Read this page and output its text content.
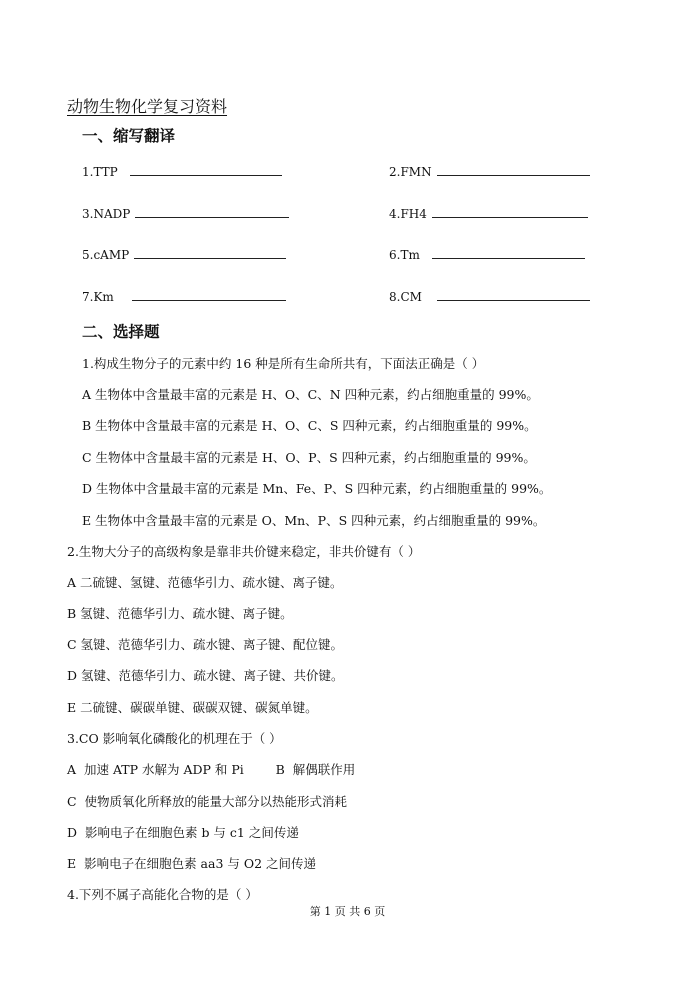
动物生物化学复习资料
一、缩写翻译
1.TTP	2.FMN
3.NADP	4.FH4
5.cAMP	6.Tm
7.Km	8.CM
二、选择题
1.构成生物分子的元素中约 16 种是所有生命所共有，下面法正确是（ ）
A 生物体中含量最丰富的元素是 H、O、C、N 四种元素，约占细胞重量的 99%。
B 生物体中含量最丰富的元素是 H、O、C、S 四种元素，约占细胞重量的 99%。
C 生物体中含量最丰富的元素是 H、O、P、S 四种元素，约占细胞重量的 99%。
D 生物体中含量最丰富的元素是 Mn、Fe、P、S 四种元素，约占细胞重量的 99%。
E 生物体中含量最丰富的元素是 O、Mn、P、S 四种元素，约占细胞重量的 99%。
2.生物大分子的高级构象是靠非共价键来稳定，非共价键有（ ）
A 二硫键、氢键、范德华引力、疏水键、离子键。
B 氢键、范德华引力、疏水键、离子键。
C 氢键、范德华引力、疏水键、离子键、配位键。
D 氢键、范德华引力、疏水键、离子键、共价键。
E 二硫键、碳碳单键、碳碳双键、碳氮单键。
3.CO 影响氧化磷酸化的机理在于（ ）
A  加速 ATP 水解为 ADP 和 Pi        B  解偶联作用
C  使物质氧化所释放的能量大部分以热能形式消耗
D  影响电子在细胞色素 b 与 c1 之间传递
E  影响电子在细胞色素 aa3 与 O2 之间传递
4.下列不属子高能化合物的是（ ）
第 1 页 共 6 页
